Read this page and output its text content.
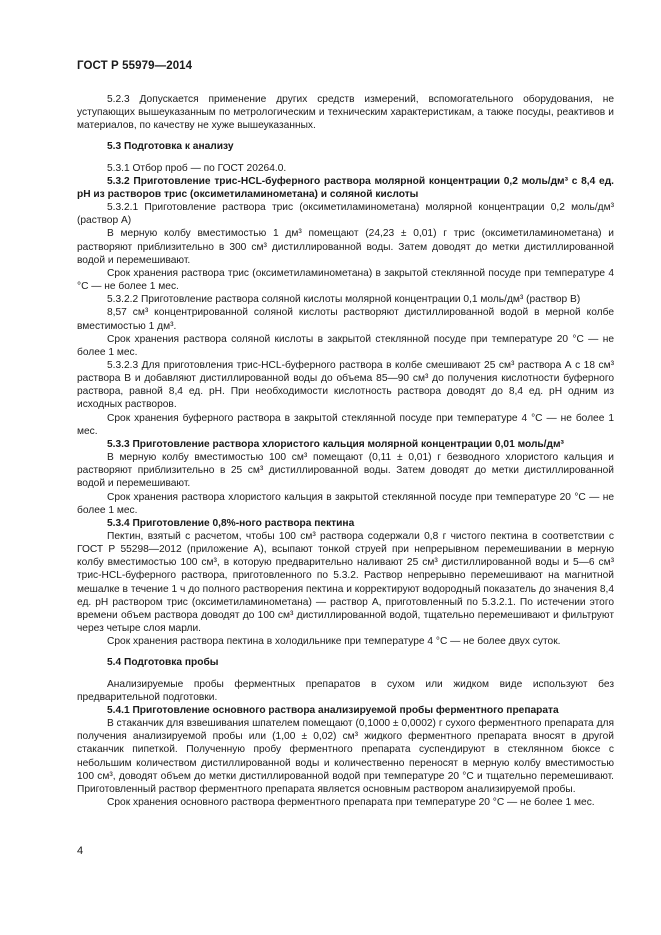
ГОСТ Р 55979—2014

5.2.3 Допускается применение других средств измерений, вспомогательного оборудования, не уступающих вышеуказанным по метрологическим и техническим характеристикам, а также посуды, реактивов и материалов, по качеству не хуже вышеуказанных.

5.3 Подготовка к анализу

5.3.1 Отбор проб — по ГОСТ 20264.0.

5.3.2 Приготовление трис-HCL-буферного раствора молярной концентрации 0,2 моль/дм³ с 8,4 ед. pH из растворов трис (оксиметиламинометана) и соляной кислоты

5.3.2.1 Приготовление раствора трис (оксиметиламинометана) молярной концентрации 0,2 моль/дм³ (раствор А)

В мерную колбу вместимостью 1 дм³ помещают (24,23 ± 0,01) г трис (оксиметиламинометана) и растворяют приблизительно в 300 см³ дистиллированной воды. Затем доводят до метки дистиллированной водой и перемешивают.

Срок хранения раствора трис (оксиметиламинометана) в закрытой стеклянной посуде при температуре 4 °C — не более 1 мес.

5.3.2.2 Приготовление раствора соляной кислоты молярной концентрации 0,1 моль/дм³ (раствор В)

8,57 см³ концентрированной соляной кислоты растворяют дистиллированной водой в мерной колбе вместимостью 1 дм³.

Срок хранения раствора соляной кислоты в закрытой стеклянной посуде при температуре 20 °C — не более 1 мес.

5.3.2.3 Для приготовления трис-HCL-буферного раствора в колбе смешивают 25 см³ раствора А с 18 см³ раствора В и добавляют дистиллированной воды до объема 85—90 см³ до получения кислотности буферного раствора, равной 8,4 ед. pH. При необходимости кислотность раствора доводят до 8,4 ед. pH одним из исходных растворов.

Срок хранения буферного раствора в закрытой стеклянной посуде при температуре 4 °C — не более 1 мес.

5.3.3 Приготовление раствора хлористого кальция молярной концентрации 0,01 моль/дм³

В мерную колбу вместимостью 100 см³ помещают (0,11 ± 0,01) г безводного хлористого кальция и растворяют приблизительно в 25 см³ дистиллированной воды. Затем доводят до метки дистиллированной водой и перемешивают.

Срок хранения раствора хлористого кальция в закрытой стеклянной посуде при температуре 20 °C — не более 1 мес.

5.3.4 Приготовление 0,8%-ного раствора пектина

Пектин, взятый с расчетом, чтобы 100 см³ раствора содержали 0,8 г чистого пектина в соответствии с ГОСТ Р 55298—2012 (приложение А), всыпают тонкой струей при непрерывном перемешивании в мерную колбу вместимостью 100 см³, в которую предварительно наливают 25 см³ дистиллированной воды и 5—6 см³ трис-HCL-буферного раствора, приготовленного по 5.3.2. Раствор непрерывно перемешивают на магнитной мешалке в течение 1 ч до полного растворения пектина и корректируют водородный показатель до значения 8,4 ед. pH раствором трис (оксиметиламинометана) — раствор А, приготовленный по 5.3.2.1. По истечении этого времени объем раствора доводят до 100 см³ дистиллированной водой, тщательно перемешивают и фильтруют через четыре слоя марли.

Срок хранения раствора пектина в холодильнике при температуре 4 °C — не более двух суток.

5.4 Подготовка пробы

Анализируемые пробы ферментных препаратов в сухом или жидком виде используют без предварительной подготовки.

5.4.1 Приготовление основного раствора анализируемой пробы ферментного препарата

В стаканчик для взвешивания шпателем помещают (0,1000 ± 0,0002) г сухого ферментного препарата для получения анализируемой пробы или (1,00 ± 0,02) см³ жидкого ферментного препарата вносят в другой стаканчик пипеткой. Полученную пробу ферментного препарата суспендируют в стеклянном бюксе с небольшим количеством дистиллированной воды и количественно переносят в мерную колбу вместимостью 100 см³, доводят объем до метки дистиллированной водой при температуре 20 °C и тщательно перемешивают. Приготовленный раствор ферментного препарата является основным раствором анализируемой пробы.

Срок хранения основного раствора ферментного препарата при температуре 20 °C — не более 1 мес.

4
